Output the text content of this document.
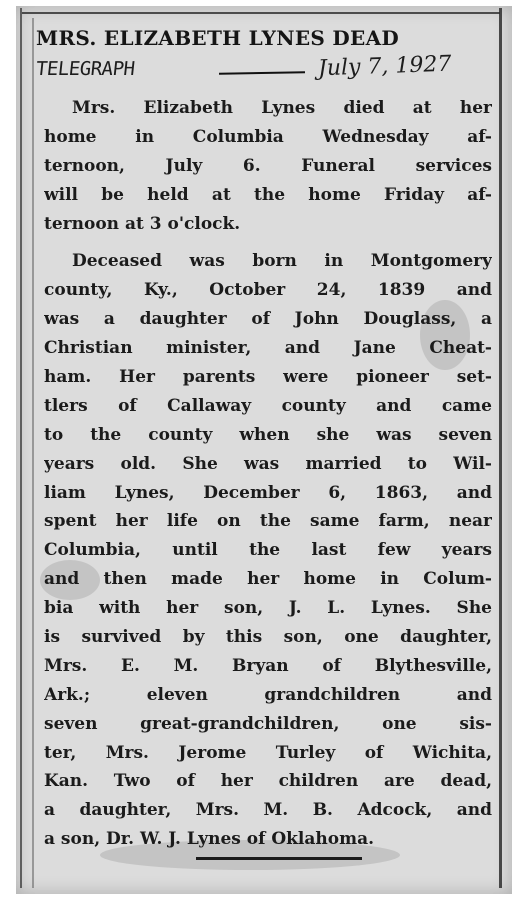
MRS. ELIZABETH LYNES DEAD
TELEGRAPH	July 7, 1927
Mrs. Elizabeth Lynes died at her
home in Columbia Wednesday af-
ternoon, July 6. Funeral services
will be held at the home Friday af-
ternoon at 3 o'clock.
Deceased was born in Montgomery
county, Ky., October 24, 1839 and
was a daughter of John Douglass, a
Christian minister, and Jane Cheat-
ham. Her parents were pioneer set-
tlers of Callaway county and came
to the county when she was seven
years old. She was married to Wil-
liam Lynes, December 6, 1863, and
spent her life on the same farm, near
Columbia, until the last few years
and then made her home in Colum-
bia with her son, J. L. Lynes. She
is survived by this son, one daughter,
Mrs. E. M. Bryan of Blythesville,
Ark.; eleven grandchildren and
seven great-grandchildren, one sis-
ter, Mrs. Jerome Turley of Wichita,
Kan. Two of her children are dead,
a daughter, Mrs. M. B. Adcock, and
a son, Dr. W. J. Lynes of Oklahoma.
